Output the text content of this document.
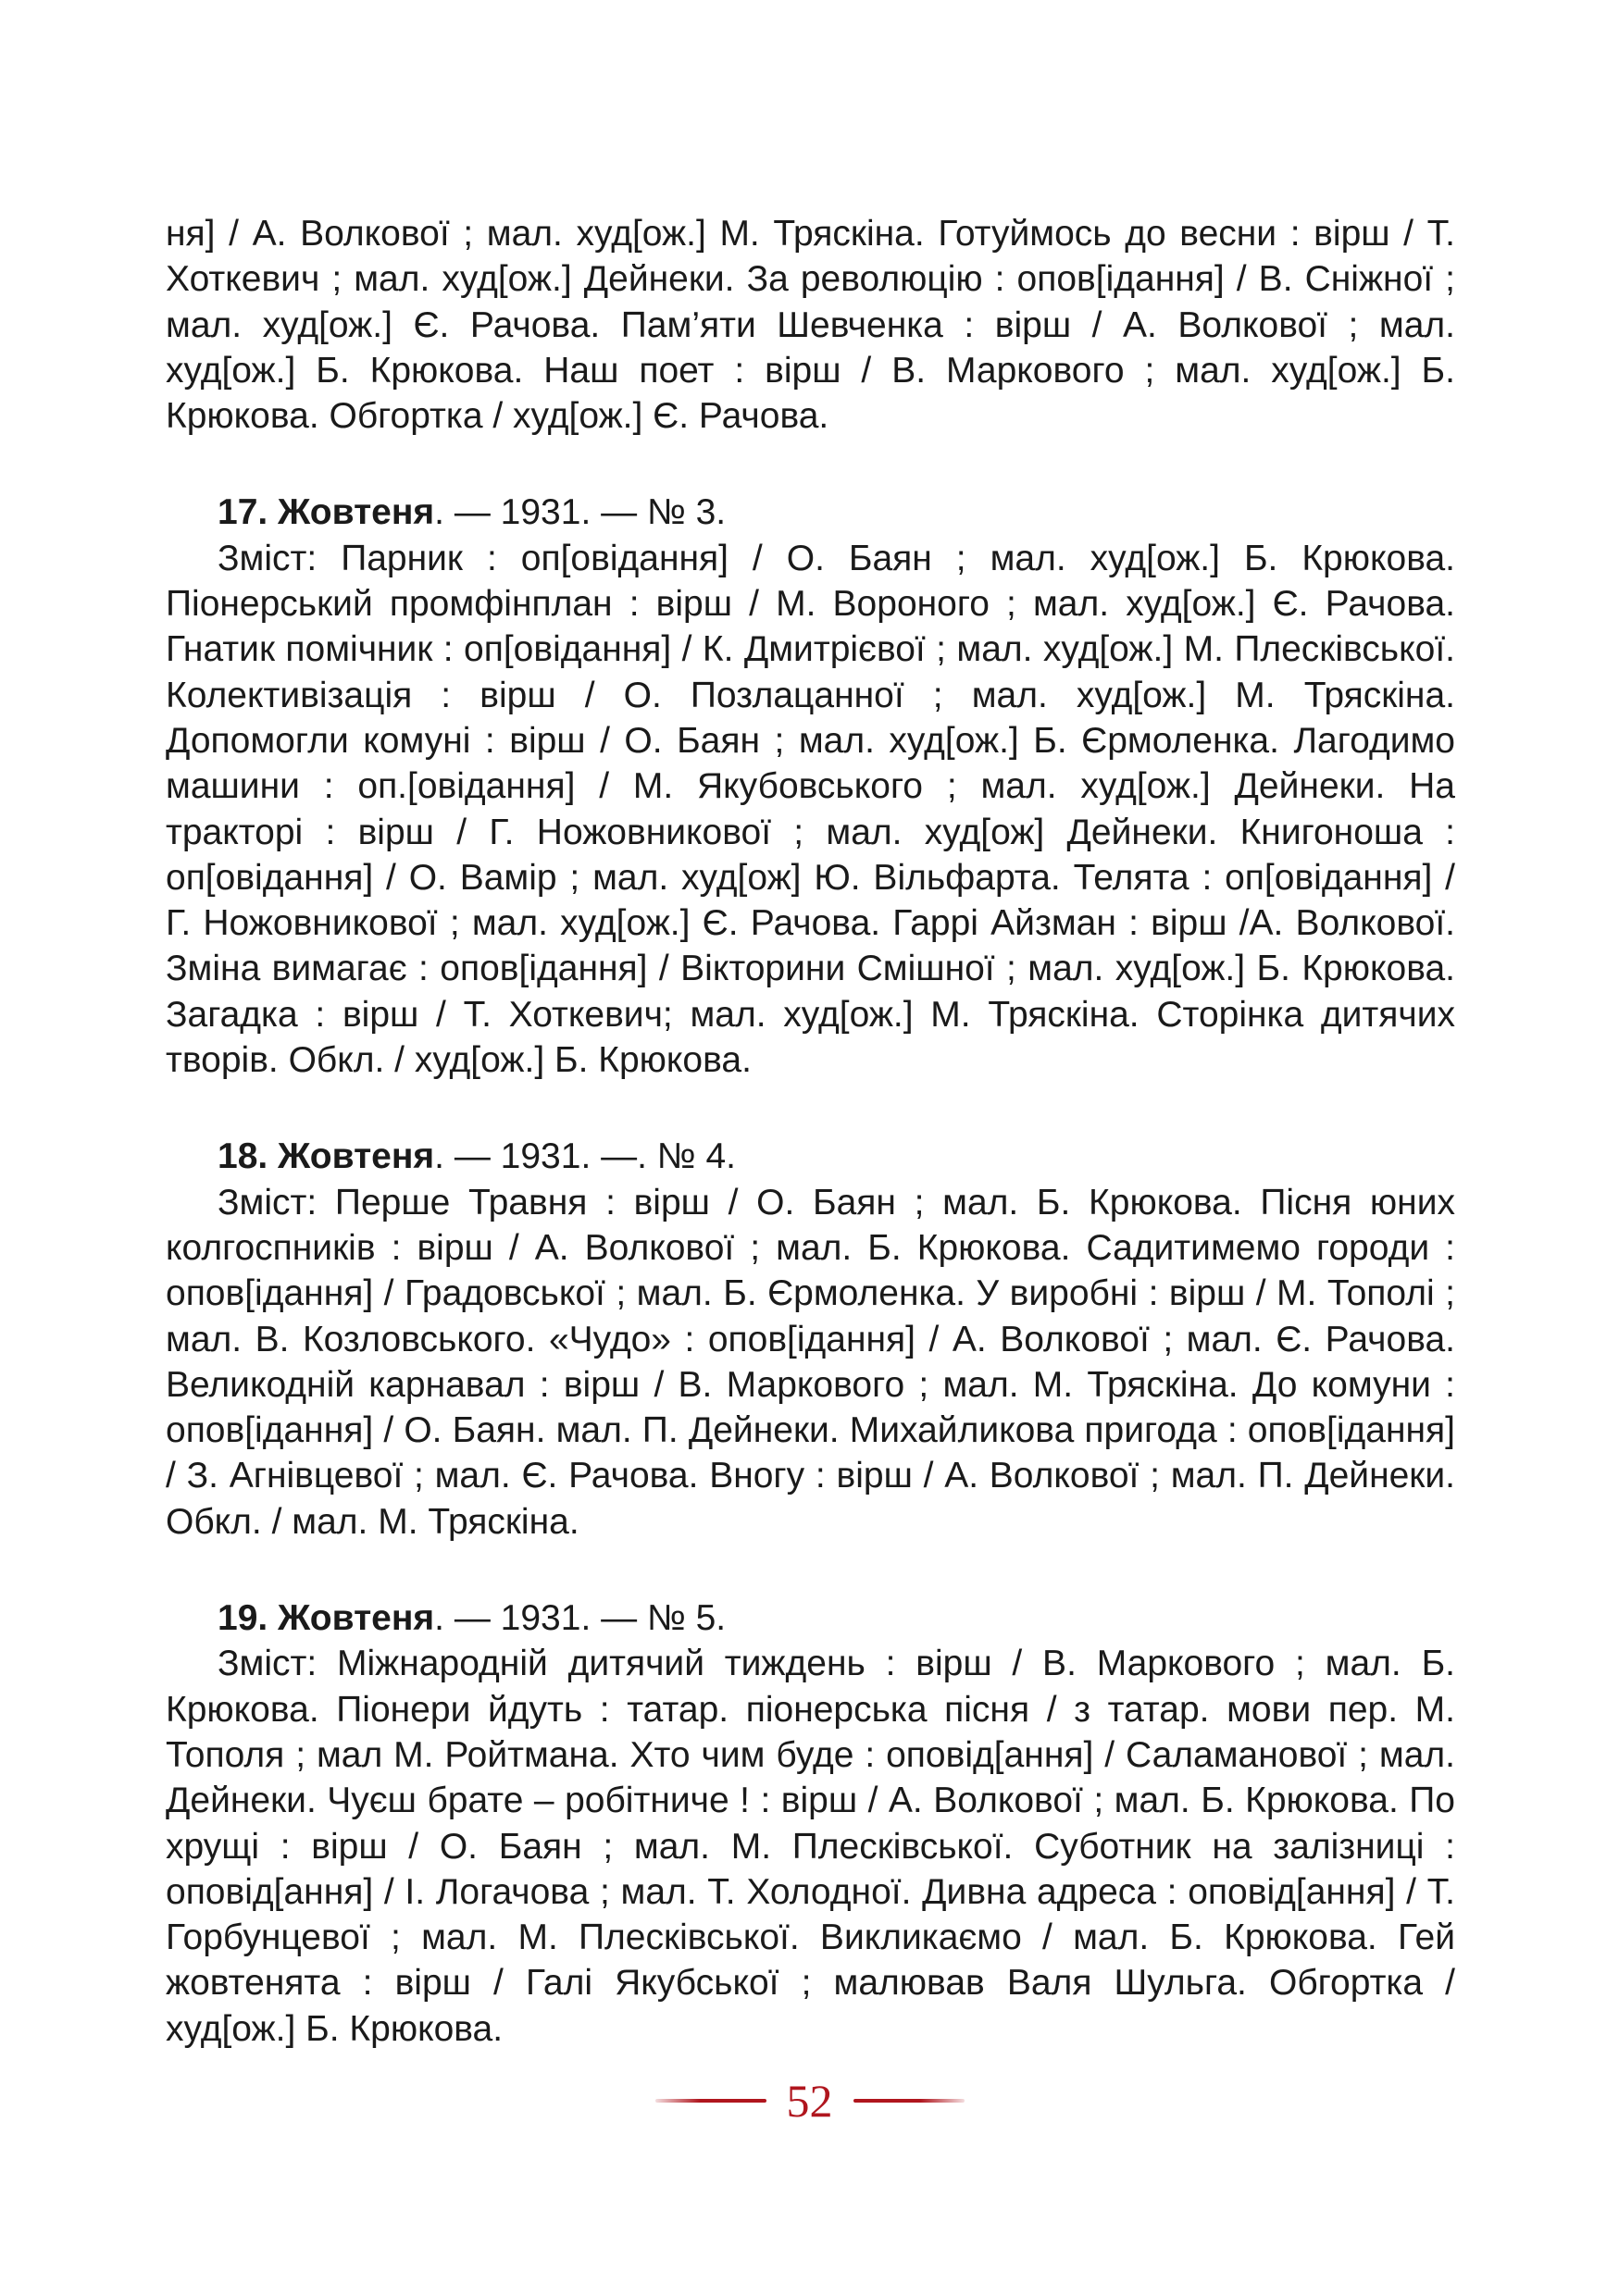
ня] / А. Волкової ; мал. худ[ож.] М. Тряскіна. Готуймось до весни : вірш / Т. Хоткевич ; мал. худ[ож.] Дейнеки. За революцію : опов[ідання] / В. Сніжної ; мал. худ[ож.] Є. Рачова. Пам’яти Шевченка : вірш / А. Волкової ; мал. худ[ож.] Б. Крюкова. Наш поет : вірш / В. Маркового ; мал. худ[ож.] Б. Крюкова. Обгортка / худ[ож.] Є. Рачова.

17. Жовтеня. — 1931. — № 3.

Зміст: Парник : оп[овідання] / О. Баян ; мал. худ[ож.] Б. Крюкова. Піонерський промфінплан : вірш / М. Вороного ; мал. худ[ож.] Є. Рачова. Гнатик помічник : оп[овідання] / К. Дмитрієвої ; мал. худ[ож.] М. Плесківської. Колективізація : вірш / О. Позлацанної ; мал. худ[ож.] М. Тряскіна. Допомогли комуні : вірш / О. Баян ; мал. худ[ож.] Б. Єрмоленка. Лагодимо машини : оп.[овідання] / М. Якубовського ; мал. худ[ож.] Дейнеки. На тракторі : вірш / Г. Ножовникової ; мал. худ[ож] Дейнеки. Книгоноша : оп[овідання] / О. Вамір ; мал. худ[ож] Ю. Вільфарта. Телята : оп[овідання] / Г. Ножовникової ; мал. худ[ож.] Є. Рачова. Гаррі Айзман : вірш /А. Волкової. Зміна вимагає : опов[ідання] / Вікторини Смішної ; мал. худ[ож.] Б. Крюкова. Загадка : вірш / Т. Хоткевич; мал. худ[ож.] М. Тряскіна. Сторінка дитячих творів. Обкл. / худ[ож.] Б. Крюкова.

18. Жовтеня. — 1931. —. № 4.

Зміст: Перше Травня : вірш / О. Баян ; мал. Б. Крюкова. Пісня юних колгоспників : вірш / А. Волкової ; мал. Б. Крюкова. Садитимемо городи : опов[ідання] / Градовської ; мал. Б. Єрмоленка. У виробні : вірш / М. Тополі ; мал. В. Козловського. «Чудо» : опов[ідання] / А. Волкової ; мал. Є. Рачова. Великодній карнавал : вірш / В. Маркового ; мал. М. Тряскіна. До комуни : опов[ідання] / О. Баян. мал. П. Дейнеки. Михайликова пригода : опов[ідання] / З. Агнівцевої ; мал. Є. Рачова. Вногу : вірш / А. Волкової ; мал. П. Дейнеки. Обкл. / мал. М. Тряскіна.

19. Жовтеня. — 1931. — № 5.

Зміст: Міжнародній дитячий тиждень : вірш / В. Маркового ; мал. Б. Крюкова. Піонери йдуть : татар. піонерська пісня / з татар. мови пер. М. Тополя ; мал М. Ройтмана. Хто чим буде : оповід[ання] / Саламанової ; мал. Дейнеки. Чуєш брате – робітниче ! : вірш / А. Волкової ; мал. Б. Крюкова. По хрущі : вірш / О. Баян ; мал. М. Плесківської. Суботник на залізниці : оповід[ання] / І. Логачова ; мал. Т. Холодної. Дивна адреса : оповід[ання] / Т. Горбунцевої ; мал. М. Плесківської. Викликаємо / мал. Б. Крюкова. Гей жовтенята : вірш / Галі Якубської ; малював Валя Шульга. Обгортка / худ[ож.] Б. Крюкова.

52
